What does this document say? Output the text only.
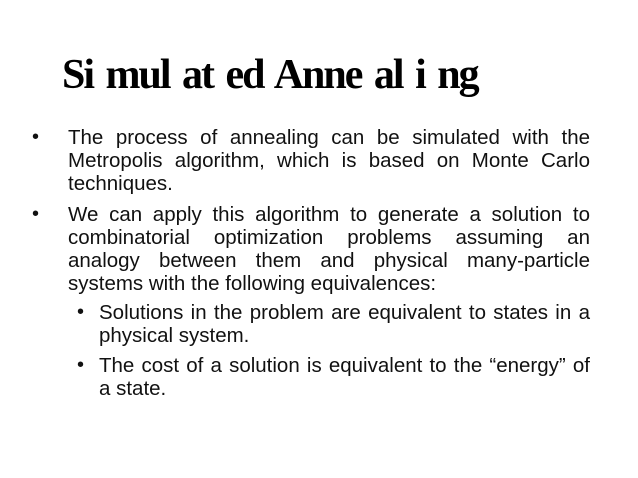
Si mul at ed Anne al i ng
• The process of annealing can be simulated with the Metropolis algorithm, which is based on Monte Carlo techniques.
• We can apply this algorithm to generate a solution to combinatorial optimization problems assuming an analogy between them and physical many-particle systems with the following equivalences:
• Solutions in the problem are equivalent to states in a physical system.
• The cost of a solution is equivalent to the “energy” of a state.
